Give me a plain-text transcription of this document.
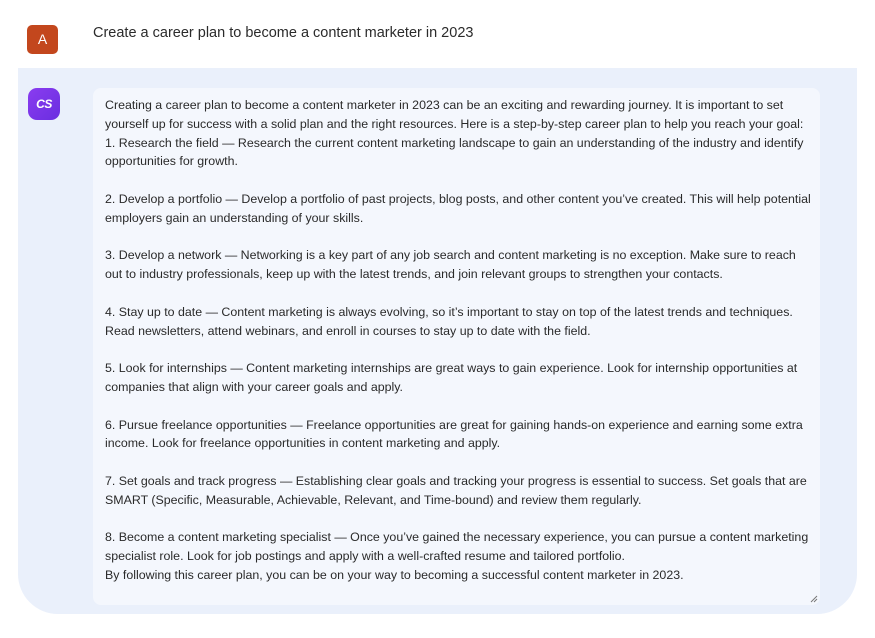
A	Create a career plan to become a content marketer in 2023
CS	Creating a career plan to become a content marketer in 2023 can be an exciting and rewarding journey. It is important to set yourself up for success with a solid plan and the right resources. Here is a step-by-step career plan to help you reach your goal:

1. Research the field — Research the current content marketing landscape to gain an understanding of the industry and identify opportunities for growth.

2. Develop a portfolio — Develop a portfolio of past projects, blog posts, and other content you’ve created. This will help potential employers gain an understanding of your skills.

3. Develop a network — Networking is a key part of any job search and content marketing is no exception. Make sure to reach out to industry professionals, keep up with the latest trends, and join relevant groups to strengthen your contacts.

4. Stay up to date — Content marketing is always evolving, so it’s important to stay on top of the latest trends and techniques. Read newsletters, attend webinars, and enroll in courses to stay up to date with the field.

5. Look for internships — Content marketing internships are great ways to gain experience. Look for internship opportunities at companies that align with your career goals and apply.

6. Pursue freelance opportunities — Freelance opportunities are great for gaining hands-on experience and earning some extra income. Look for freelance opportunities in content marketing and apply.

7. Set goals and track progress — Establishing clear goals and tracking your progress is essential to success. Set goals that are SMART (Specific, Measurable, Achievable, Relevant, and Time-bound) and review them regularly.

8. Become a content marketing specialist — Once you’ve gained the necessary experience, you can pursue a content marketing specialist role. Look for job postings and apply with a well-crafted resume and tailored portfolio.

By following this career plan, you can be on your way to becoming a successful content marketer in 2023.
